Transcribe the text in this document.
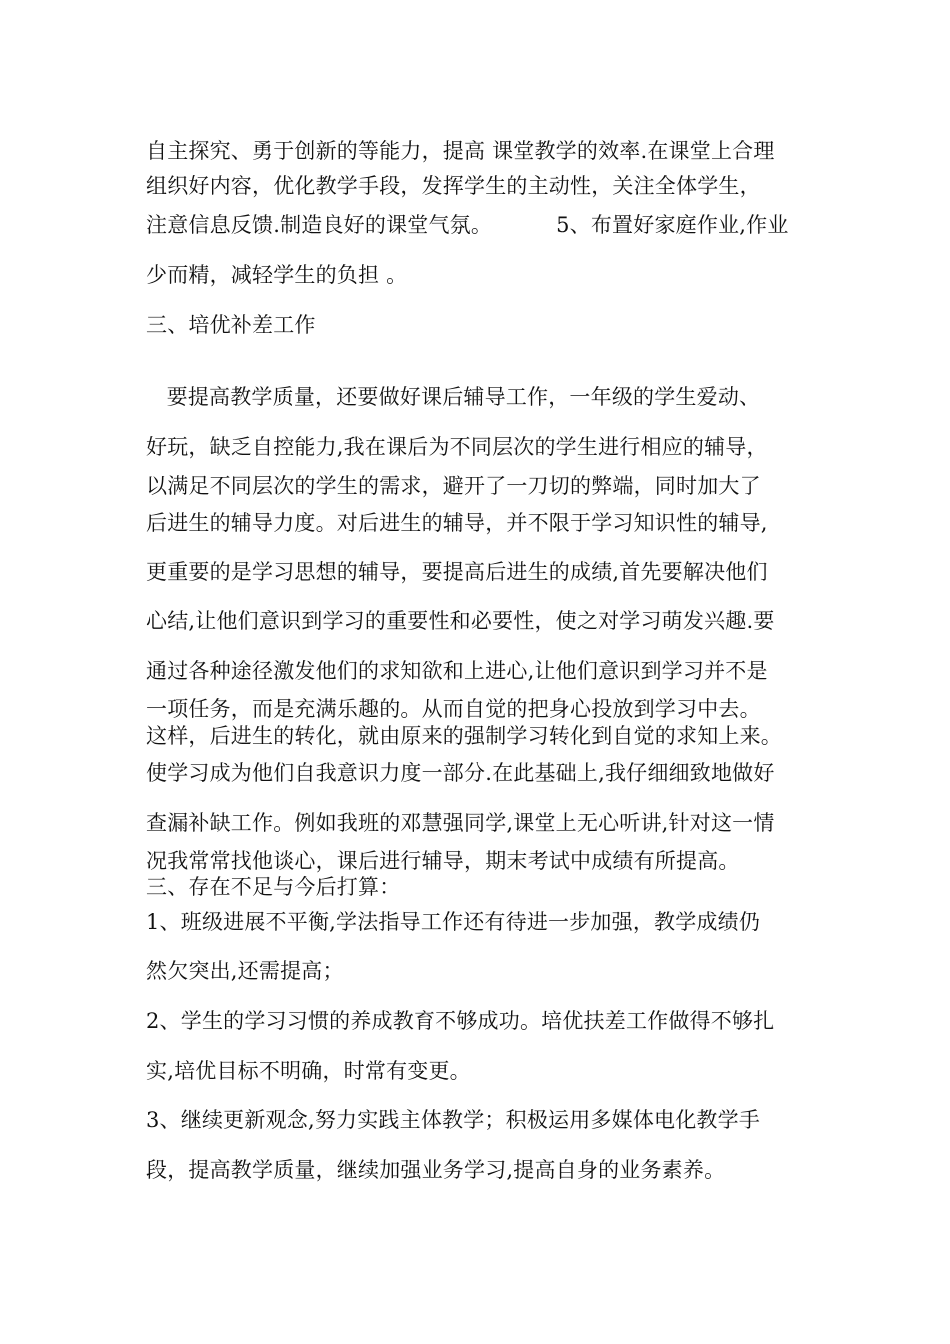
自主探究、勇于创新的等能力，提高 课堂教学的效率.在课堂上合理
组织好内容，优化教学手段，发挥学生的主动性，关注全体学生，
注意信息反馈.制造良好的课堂气氛。	5、布置好家庭作业,作业
少而精，减轻学生的负担 。
三、培优补差工作
要提高教学质量，还要做好课后辅导工作，一年级的学生爱动、
好玩，缺乏自控能力,我在课后为不同层次的学生进行相应的辅导，
以满足不同层次的学生的需求，避开了一刀切的弊端，同时加大了
后进生的辅导力度。对后进生的辅导，并不限于学习知识性的辅导,
更重要的是学习思想的辅导，要提高后进生的成绩,首先要解决他们
心结,让他们意识到学习的重要性和必要性，使之对学习萌发兴趣.要
通过各种途径激发他们的求知欲和上进心,让他们意识到学习并不是
一项任务，而是充满乐趣的。从而自觉的把身心投放到学习中去。
这样，后进生的转化，就由原来的强制学习转化到自觉的求知上来。
使学习成为他们自我意识力度一部分.在此基础上,我仔细细致地做好
查漏补缺工作。例如我班的邓慧强同学,课堂上无心听讲,针对这一情
况我常常找他谈心，课后进行辅导，期末考试中成绩有所提高。
三、存在不足与今后打算：
1、班级进展不平衡,学法指导工作还有待进一步加强，教学成绩仍
然欠突出,还需提高；
2、学生的学习习惯的养成教育不够成功。培优扶差工作做得不够扎
实,培优目标不明确，时常有变更。
3、继续更新观念,努力实践主体教学；积极运用多媒体电化教学手
段，提高教学质量，继续加强业务学习,提高自身的业务素养。
